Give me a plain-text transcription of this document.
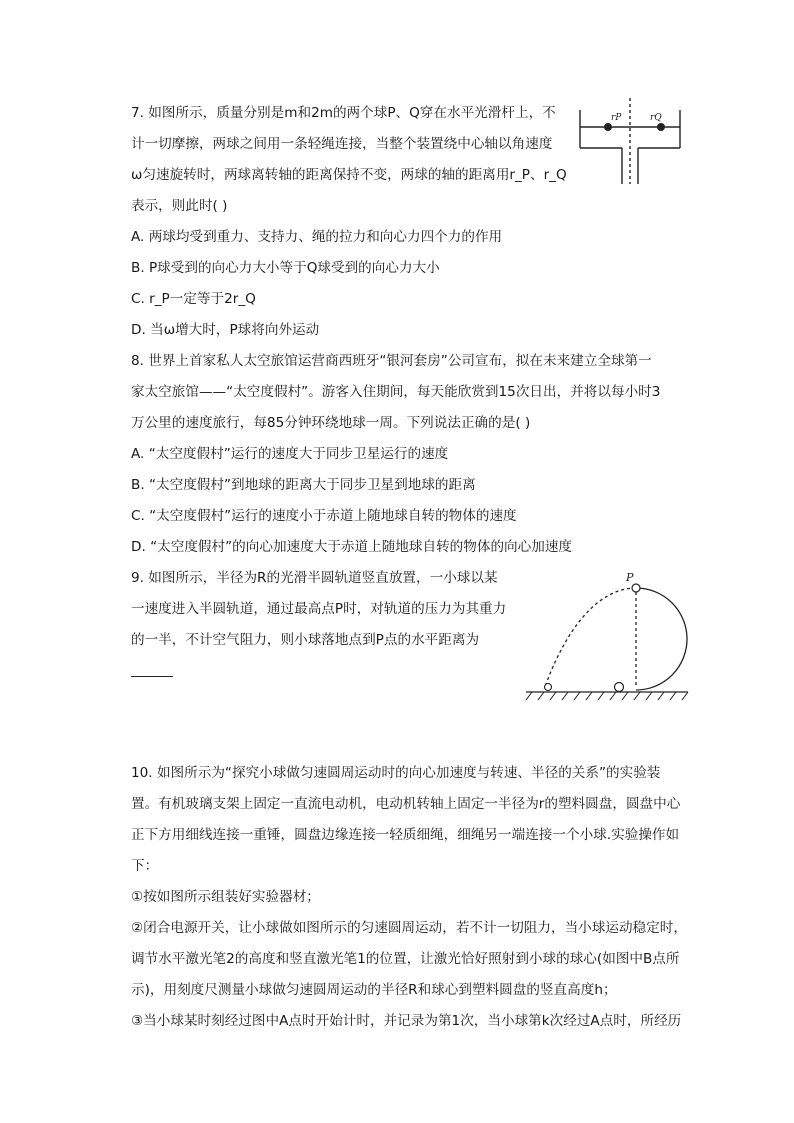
7. 如图所示，质量分别是m和2m的两个球P、Q穿在水平光滑杆上，不
计一切摩擦，两球之间用一条轻绳连接，当整个装置绕中心轴以角速度
ω匀速旋转时，两球离转轴的距离保持不变，两球的轴的距离用r_P、r_Q
表示，则此时( )
A. 两球均受到重力、支持力、绳的拉力和向心力四个力的作用
B. P球受到的向心力大小等于Q球受到的向心力大小
C. r_P一定等于2r_Q
D. 当ω增大时，P球将向外运动
rP	rQ
8. 世界上首家私人太空旅馆运营商西班牙“银河套房”公司宣布，拟在未来建立全球第一
家太空旅馆——“太空度假村”。游客入住期间，每天能欣赏到15次日出，并将以每小时3
万公里的速度旅行，每85分钟环绕地球一周。下列说法正确的是( )
A. “太空度假村”运行的速度大于同步卫星运行的速度
B. “太空度假村”到地球的距离大于同步卫星到地球的距离
C. “太空度假村”运行的速度小于赤道上随地球自转的物体的速度
D. “太空度假村”的向心加速度大于赤道上随地球自转的物体的向心加速度
9. 如图所示，半径为R的光滑半圆轨道竖直放置，一小球以某
一速度进入半圆轨道，通过最高点P时，对轨道的压力为其重力
的一半，不计空气阻力，则小球落地点到P点的水平距离为
P
10. 如图所示为“探究小球做匀速圆周运动时的向心加速度与转速、半径的关系”的实验装
置。有机玻璃支架上固定一直流电动机，电动机转轴上固定一半径为r的塑料圆盘，圆盘中心
正下方用细线连接一重锤，圆盘边缘连接一轻质细绳，细绳另一端连接一个小球.实验操作如
下：
①按如图所示组装好实验器材；
②闭合电源开关，让小球做如图所示的匀速圆周运动，若不计一切阻力，当小球运动稳定时，
调节水平激光笔2的高度和竖直激光笔1的位置，让激光恰好照射到小球的球心(如图中B点所
示)，用刻度尺测量小球做匀速圆周运动的半径R和球心到塑料圆盘的竖直高度h；
③当小球某时刻经过图中A点时开始计时，并记录为第1次，当小球第k次经过A点时，所经历
